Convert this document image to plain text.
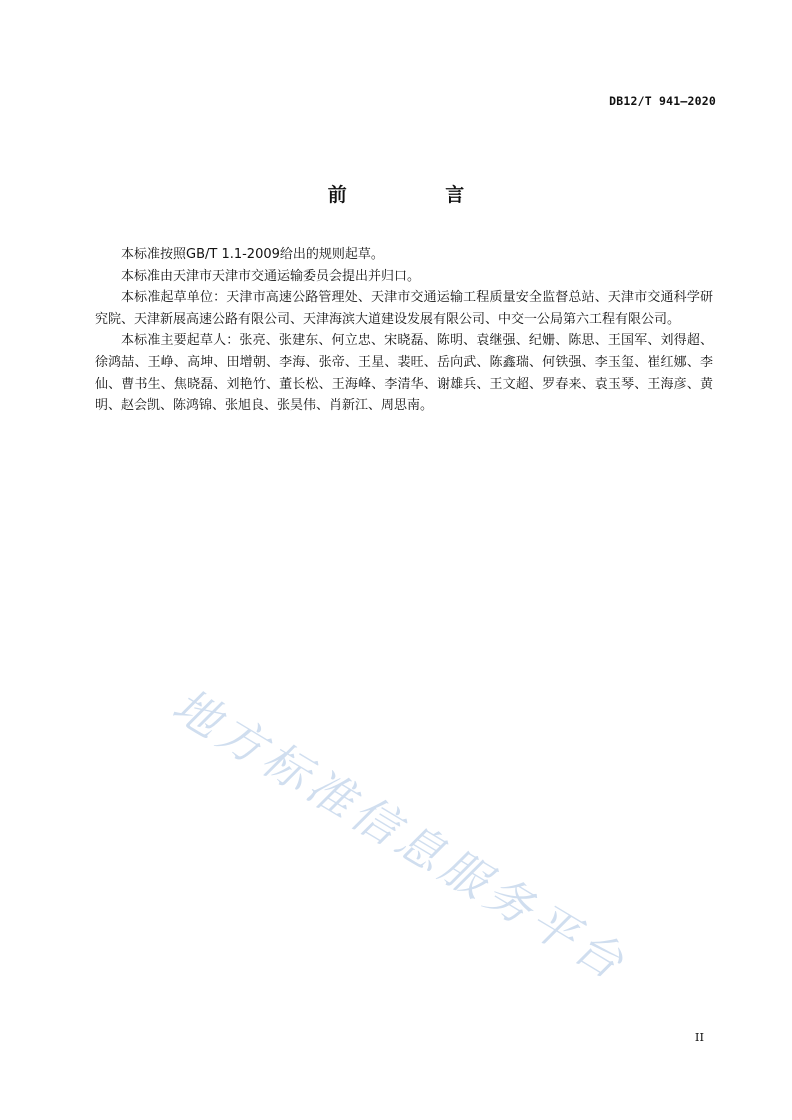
DB12/T 941—2020
前 言

本标准按照GB/T 1.1-2009给出的规则起草。

本标准由天津市天津市交通运输委员会提出并归口。

本标准起草单位：天津市高速公路管理处、天津市交通运输工程质量安全监督总站、天津市交通科学研究院、天津新展高速公路有限公司、天津海滨大道建设发展有限公司、中交一公局第六工程有限公司。

本标准主要起草人：张亮、张建东、何立忠、宋晓磊、陈明、袁继强、纪姗、陈思、王国军、刘得超、徐鸿喆、王峥、高坤、田增朝、李海、张帝、王星、裴旺、岳向武、陈鑫瑞、何铁强、李玉玺、崔红娜、李仙、曹书生、焦晓磊、刘艳竹、董长松、王海峰、李清华、谢雄兵、王文超、罗春来、袁玉琴、王海彦、黄明、赵会凯、陈鸿锦、张旭良、张昊伟、肖新江、周思南。

地方标准信息服务平台
II
